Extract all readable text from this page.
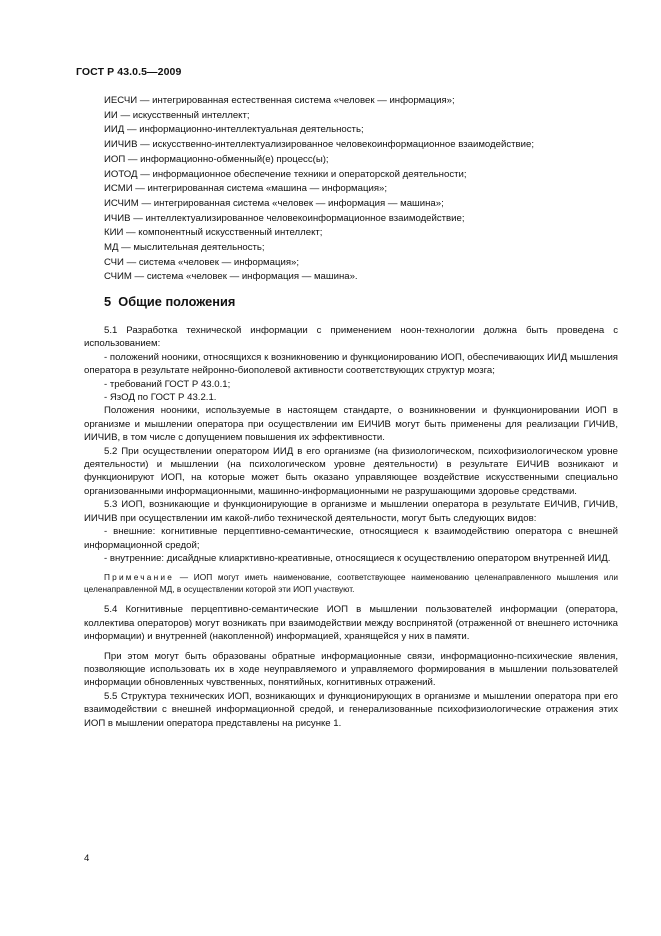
ГОСТ Р 43.0.5—2009
ИЕСЧИ — интегрированная естественная система «человек — информация»;
ИИ — искусственный интеллект;
ИИД — информационно-интеллектуальная деятельность;
ИИЧИВ — искусственно-интеллектуализированное человекоинформационное взаимодействие;
ИОП — информационно-обменный(е) процесс(ы);
ИОТОД — информационное обеспечение техники и операторской деятельности;
ИСМИ — интегрированная система «машина — информация»;
ИСЧИМ — интегрированная система «человек — информация — машина»;
ИЧИВ — интеллектуализированное человекоинформационное взаимодействие;
КИИ — компонентный искусственный интеллект;
МД — мыслительная деятельность;
СЧИ — система «человек — информация»;
СЧИМ — система «человек — информация — машина».
5 Общие положения

5.1 Разработка технической информации с применением ноон-технологии должна быть проведена с использованием:

- положений нооники, относящихся к возникновению и функционированию ИОП, обеспечивающих ИИД мышления оператора в результате нейронно-биополевой активности соответствующих структур мозга;

- требований ГОСТ Р 43.0.1;

- ЯзОД по ГОСТ Р 43.2.1.

Положения нооники, используемые в настоящем стандарте, о возникновении и функционировании ИОП в организме и мышлении оператора при осуществлении им ЕИЧИВ могут быть применены для реализации ГИЧИВ, ИИЧИВ, в том числе с допущением повышения их эффективности.

5.2 При осуществлении оператором ИИД в его организме (на физиологическом, психофизиологическом уровне деятельности) и мышлении (на психологическом уровне деятельности) в результате ЕИЧИВ возникают и функционируют ИОП, на которые может быть оказано управляющее воздействие искусственными специально организованными информационными, машинно-информационными не разрушающими здоровье средствами.

5.3 ИОП, возникающие и функционирующие в организме и мышлении оператора в результате ЕИЧИВ, ГИЧИВ, ИИЧИВ при осуществлении им какой-либо технической деятельности, могут быть следующих видов:

- внешние: когнитивные перцептивно-семантические, относящиеся к взаимодействию оператора с внешней информационной средой;

- внутренние: дисайдные клиарктивно-креативные, относящиеся к осуществлению оператором внутренней ИИД.

Примечание — ИОП могут иметь наименование, соответствующее наименованию целенаправленного мышления или целенаправленной МД, в осуществлении которой эти ИОП участвуют.

5.4 Когнитивные перцептивно-семантические ИОП в мышлении пользователей информации (оператора, коллектива операторов) могут возникать при взаимодействии между воспринятой (отраженной от внешнего источника информации) и внутренней (накопленной) информацией, хранящейся у них в памяти.

При этом могут быть образованы обратные информационные связи, информационно-психические явления, позволяющие использовать их в ходе неуправляемого и управляемого формирования в мышлении пользователей информации обновленных чувственных, понятийных, когнитивных отражений.

5.5 Структура технических ИОП, возникающих и функционирующих в организме и мышлении оператора при его взаимодействии с внешней информационной средой, и генерализованные психофизиологические отражения этих ИОП в мышлении оператора представлены на рисунке 1.

4
